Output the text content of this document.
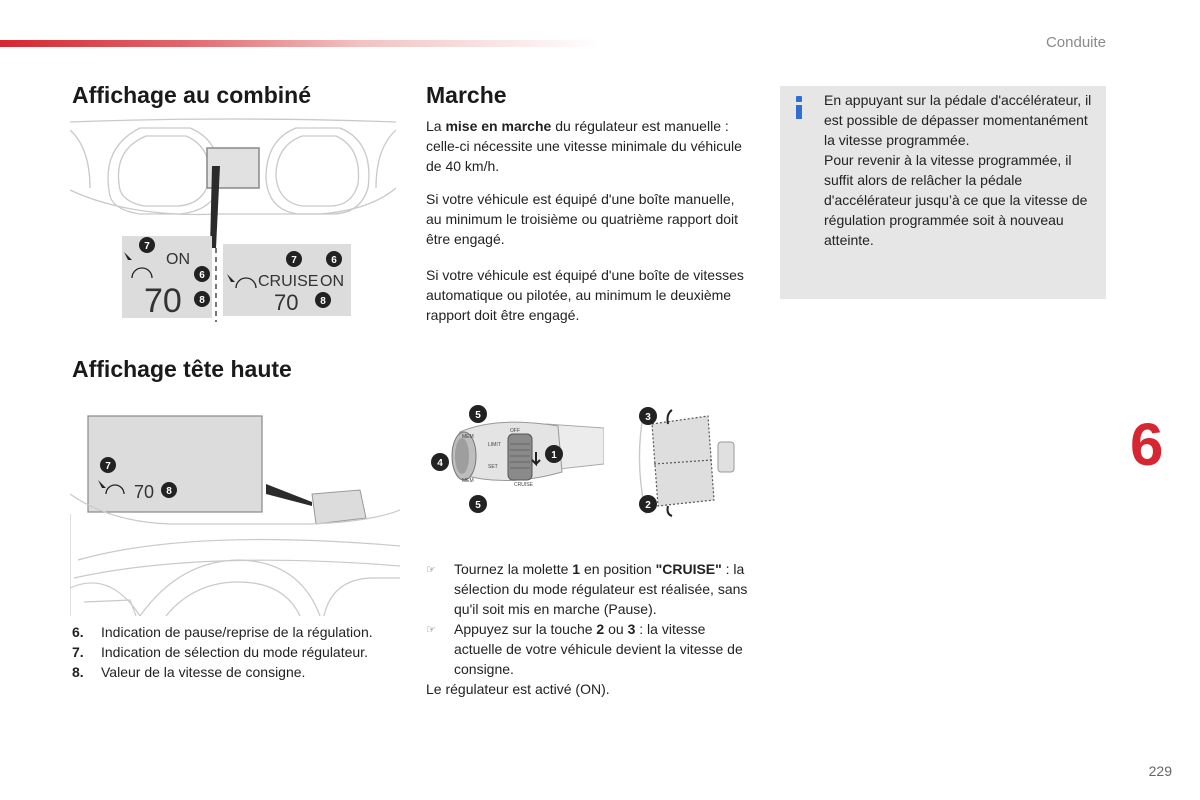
Conduite
Affichage au combiné	Marche
Affichage tête haute

La mise en marche du régulateur est manuelle : celle-ci nécessite une vitesse minimale du véhicule de 40 km/h.

Si votre véhicule est équipé d'une boîte manuelle, au minimum le troisième ou quatrième rapport doit être engagé.

Si votre véhicule est équipé d'une boîte de vitesses automatique ou pilotée, au minimum le deuxième rapport doit être engagé.

En appuyant sur la pédale d'accélérateur, il est possible de dépasser momentanément la vitesse programmée.
Pour revenir à la vitesse programmée, il suffit alors de relâcher la pédale d'accélérateur jusqu’à ce que la vitesse de régulation programmée soit à nouveau atteinte.
ON
70
CRUISE ON
70
7
6
8
7	6
8
70
7
8
MEM
MEM
OFF
LIMIT
SET
CRUISE
5
4
5
1
3
2
6.	Indication de pause/reprise de la régulation.
7.	Indication de sélection du mode régulateur.
8.	Valeur de la vitesse de consigne.
☞	Tournez la molette 1 en position "CRUISE" : la sélection du mode régulateur est réalisée, sans qu'il soit mis en marche (Pause).
☞	Appuyez sur la touche 2 ou 3 : la vitesse actuelle de votre véhicule devient la vitesse de consigne.
Le régulateur est activé (ON).
6
229
